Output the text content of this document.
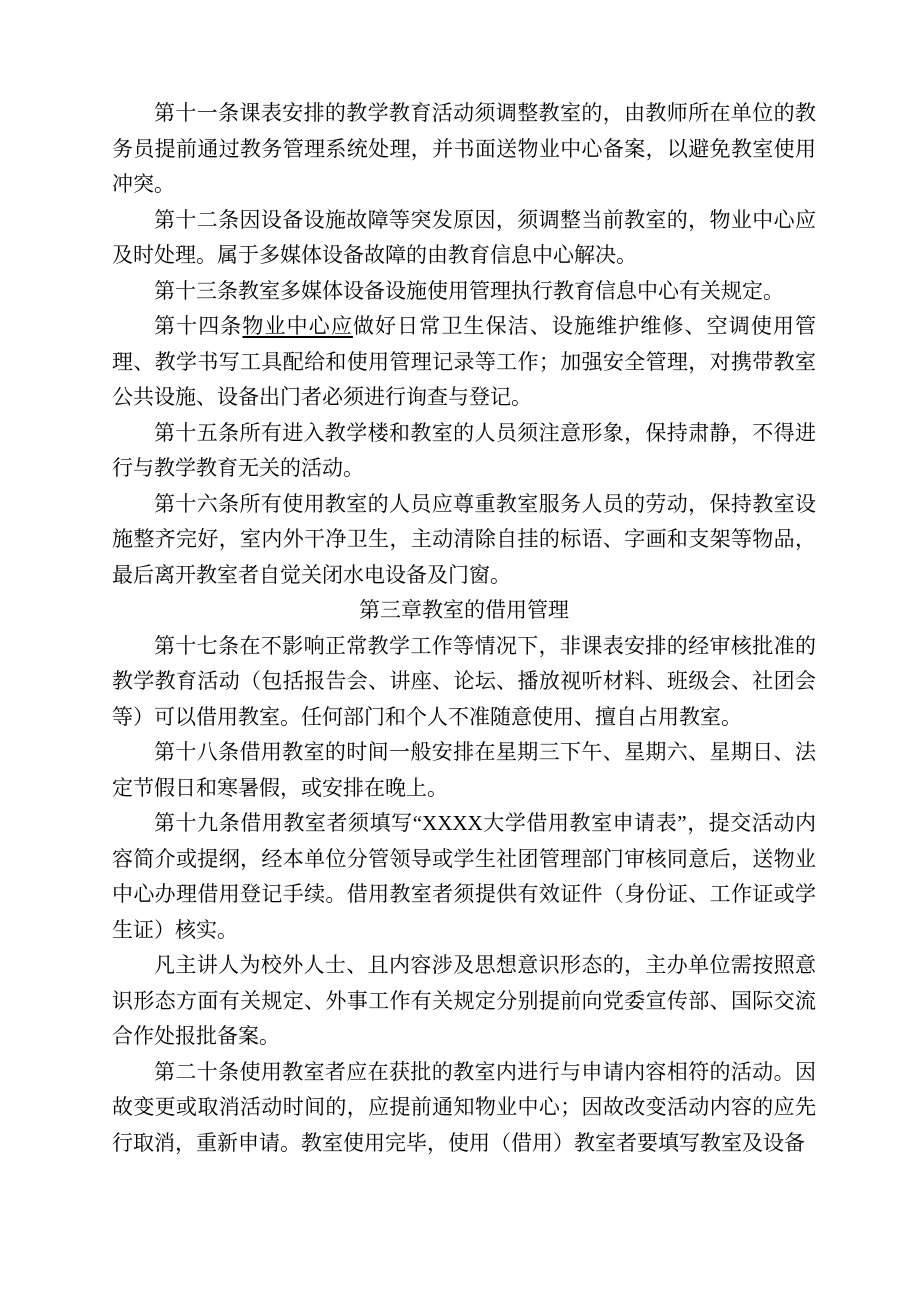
第十一条课表安排的教学教育活动须调整教室的，由教师所在单位的教务员提前通过教务管理系统处理，并书面送物业中心备案，以避免教室使用冲突。

第十二条因设备设施故障等突发原因，须调整当前教室的，物业中心应及时处理。属于多媒体设备故障的由教育信息中心解决。

第十三条教室多媒体设备设施使用管理执行教育信息中心有关规定。

第十四条物业中心应做好日常卫生保洁、设施维护维修、空调使用管理、教学书写工具配给和使用管理记录等工作；加强安全管理，对携带教室公共设施、设备出门者必须进行询查与登记。

第十五条所有进入教学楼和教室的人员须注意形象，保持肃静，不得进行与教学教育无关的活动。

第十六条所有使用教室的人员应尊重教室服务人员的劳动，保持教室设施整齐完好，室内外干净卫生，主动清除自挂的标语、字画和支架等物品，最后离开教室者自觉关闭水电设备及门窗。

第三章教室的借用管理

第十七条在不影响正常教学工作等情况下，非课表安排的经审核批准的教学教育活动（包括报告会、讲座、论坛、播放视听材料、班级会、社团会等）可以借用教室。任何部门和个人不准随意使用、擅自占用教室。

第十八条借用教室的时间一般安排在星期三下午、星期六、星期日、法定节假日和寒暑假，或安排在晚上。

第十九条借用教室者须填写“XXXX大学借用教室申请表”，提交活动内容简介或提纲，经本单位分管领导或学生社团管理部门审核同意后，送物业中心办理借用登记手续。借用教室者须提供有效证件（身份证、工作证或学生证）核实。

凡主讲人为校外人士、且内容涉及思想意识形态的，主办单位需按照意识形态方面有关规定、外事工作有关规定分别提前向党委宣传部、国际交流合作处报批备案。

第二十条使用教室者应在获批的教室内进行与申请内容相符的活动。因故变更或取消活动时间的，应提前通知物业中心；因故改变活动内容的应先行取消，重新申请。教室使用完毕，使用（借用）教室者要填写教室及设备
